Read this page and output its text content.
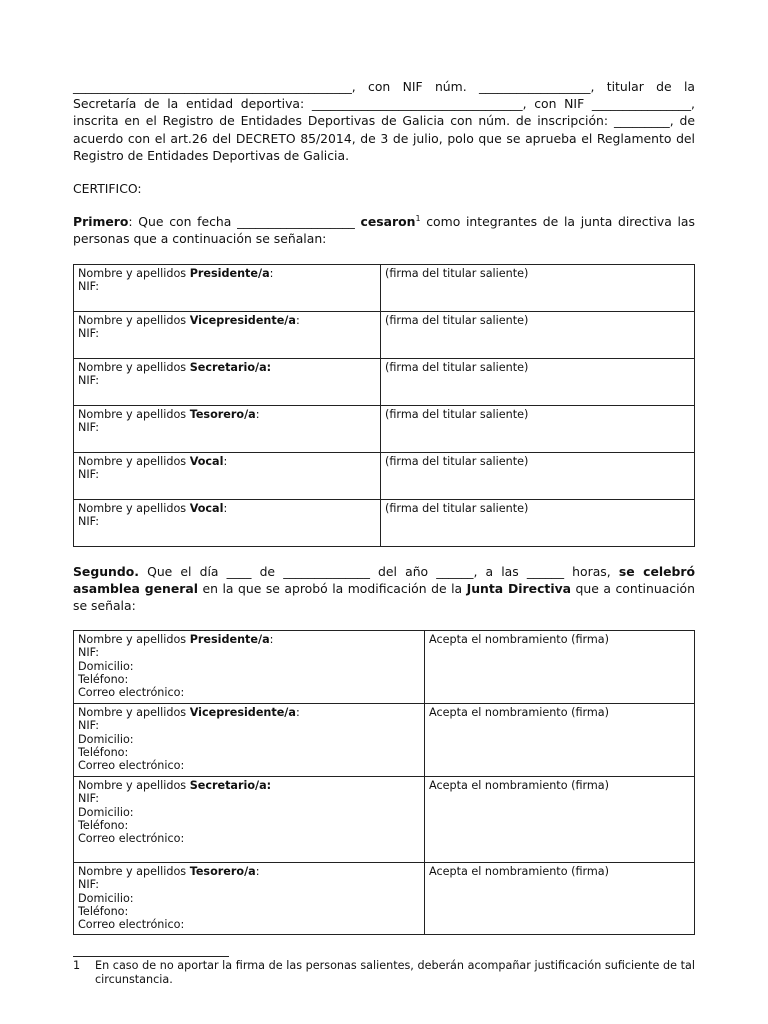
_____________________________________________, con NIF núm. __________________, titular de la Secretaría de la entidad deportiva: __________________________________, con NIF ________________, inscrita en el Registro de Entidades Deportivas de Galicia con núm. de inscripción: _________, de acuerdo con el art.26 del DECRETO 85/2014, de 3 de julio, polo que se aprueba el Reglamento del Registro de Entidades Deportivas de Galicia.

CERTIFICO:

Primero: Que con fecha ___________________ cesaron$^1$ como integrantes de la junta directiva las personas que a continuación se señalan:

Nombre y apellidos Presidente/a:
NIF:	(firma del titular saliente)

Nombre y apellidos Vicepresidente/a:
NIF:	(firma del titular saliente)

Nombre y apellidos Secretario/a:
NIF:	(firma del titular saliente)

Nombre y apellidos Tesorero/a:
NIF:	(firma del titular saliente)

Nombre y apellidos Vocal:
NIF:	(firma del titular saliente)

Nombre y apellidos Vocal:
NIF:	(firma del titular saliente)

Segundo. Que el día ____ de ______________ del año ______, a las ______ horas, se celebró asamblea general en la que se aprobó la modificación de la Junta Directiva que a continuación se señala:

Nombre y apellidos Presidente/a:
NIF:
Domicilio:
Teléfono:
Correo electrónico:	Acepta el nombramiento (firma)

Nombre y apellidos Vicepresidente/a:
NIF:
Domicilio:
Teléfono:
Correo electrónico:	Acepta el nombramiento (firma)

Nombre y apellidos Secretario/a:
NIF:
Domicilio:
Teléfono:
Correo electrónico:	Acepta el nombramiento (firma)

Nombre y apellidos Tesorero/a:
NIF:
Domicilio:
Teléfono:
Correo electrónico:	Acepta el nombramiento (firma)
1 En caso de no aportar la firma de las personas salientes, deberán acompañar justificación suficiente de tal circunstancia.
